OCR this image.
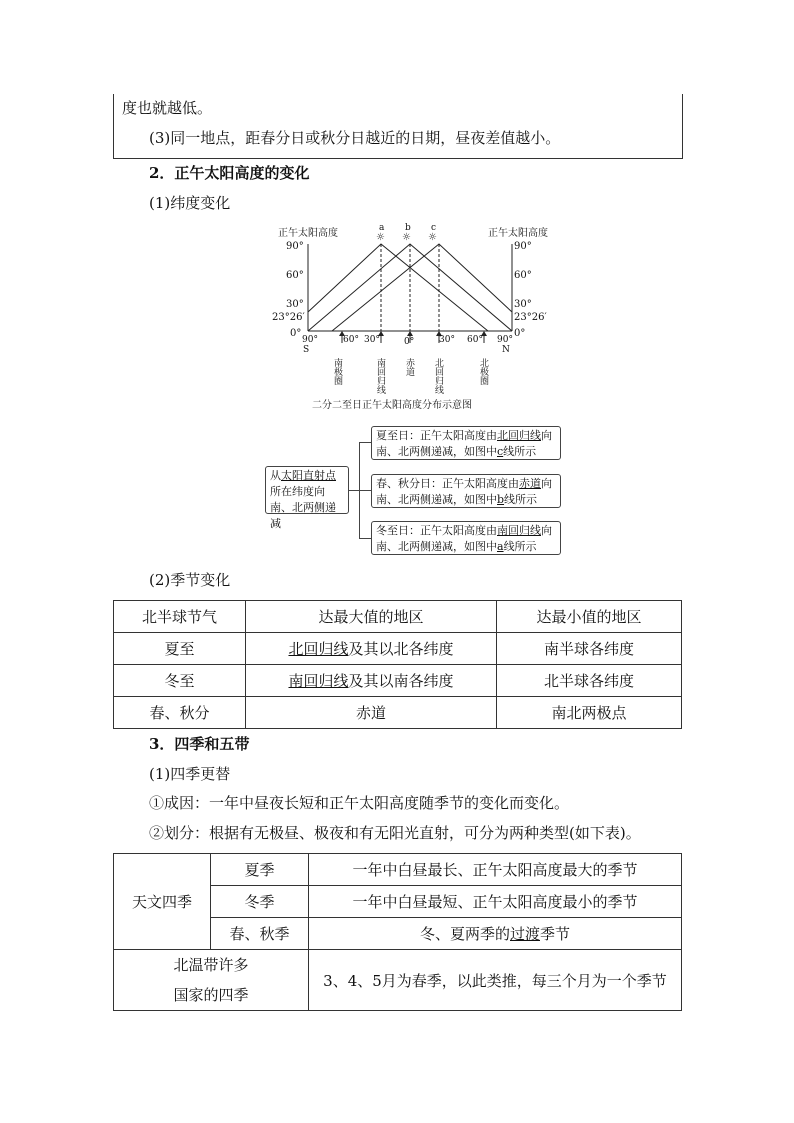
度也就越低。
(3)同一地点，距春分日或秋分日越近的日期，昼夜差值越小。
2．正午太阳高度的变化
(1)纬度变化
正午太阳高度	正午太阳高度
a b c
☼ ☼ ☼
90°
60°
30°
23°26′
0°
90°
60°
30°
23°26′
0°
90°	60° 30°	0°	30° 60° 90°
S	N
南极圈	南回归线 赤道 北回归线	北极圈
二分二至日正午太阳高度分布示意图
从太阳直射点所在纬度向南、北两侧递减
夏至日：正午太阳高度由北回归线向南、北两侧递减，如图中c线所示
春、秋分日：正午太阳高度由赤道向南、北两侧递减，如图中b线所示
冬至日：正午太阳高度由南回归线向南、北两侧递减，如图中a线所示
(2)季节变化
北半球节气	达最大值的地区	达最小值的地区
夏至	北回归线及其以北各纬度	南半球各纬度
冬至	南回归线及其以南各纬度	北半球各纬度
春、秋分	赤道	南北两极点
3．四季和五带
(1)四季更替
①成因：一年中昼夜长短和正午太阳高度随季节的变化而变化。
②划分：根据有无极昼、极夜和有无阳光直射，可分为两种类型(如下表)。
天文四季	夏季	一年中白昼最长、正午太阳高度最大的季节
	冬季	一年中白昼最短、正午太阳高度最小的季节
	春、秋季	冬、夏两季的过渡季节

北温带许多
国家的四季		3、4、5月为春季，以此类推，每三个月为一个季节
